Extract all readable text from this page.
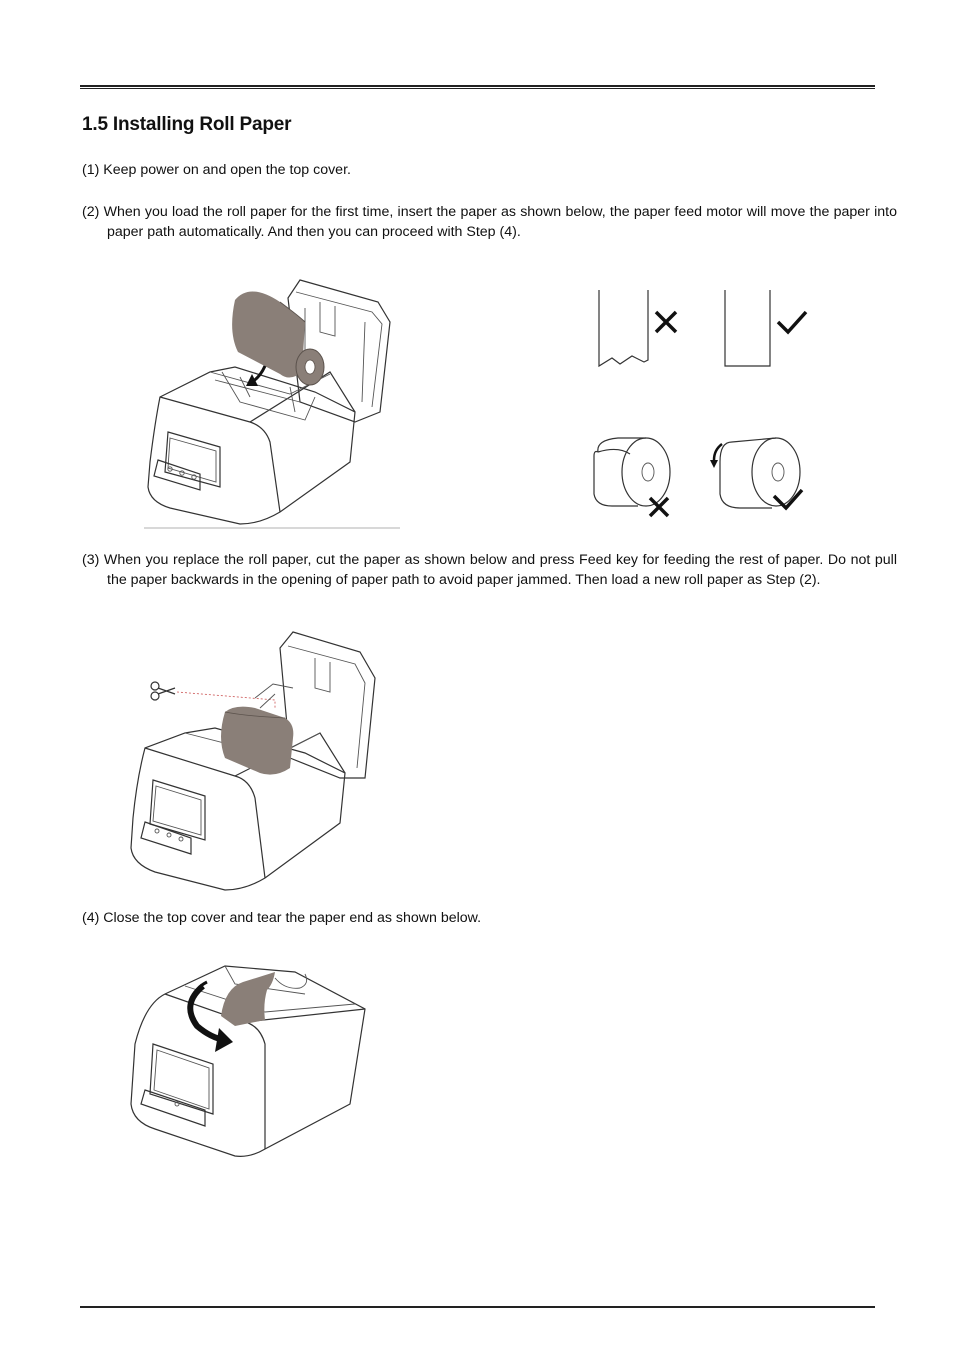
1.5 Installing Roll Paper

(1) Keep power on and open the top cover.

(2) When you load the roll paper for the first time, insert the paper as shown below, the paper feed motor will move the paper into paper path automatically. And then you can proceed with Step (4).

(3) When you replace the roll paper, cut the paper as shown below and press Feed key for feeding the rest of paper. Do not pull the paper backwards in the opening of paper path to avoid paper jammed. Then load a new roll paper as Step (2).

(4) Close the top cover and tear the paper end as shown below.
